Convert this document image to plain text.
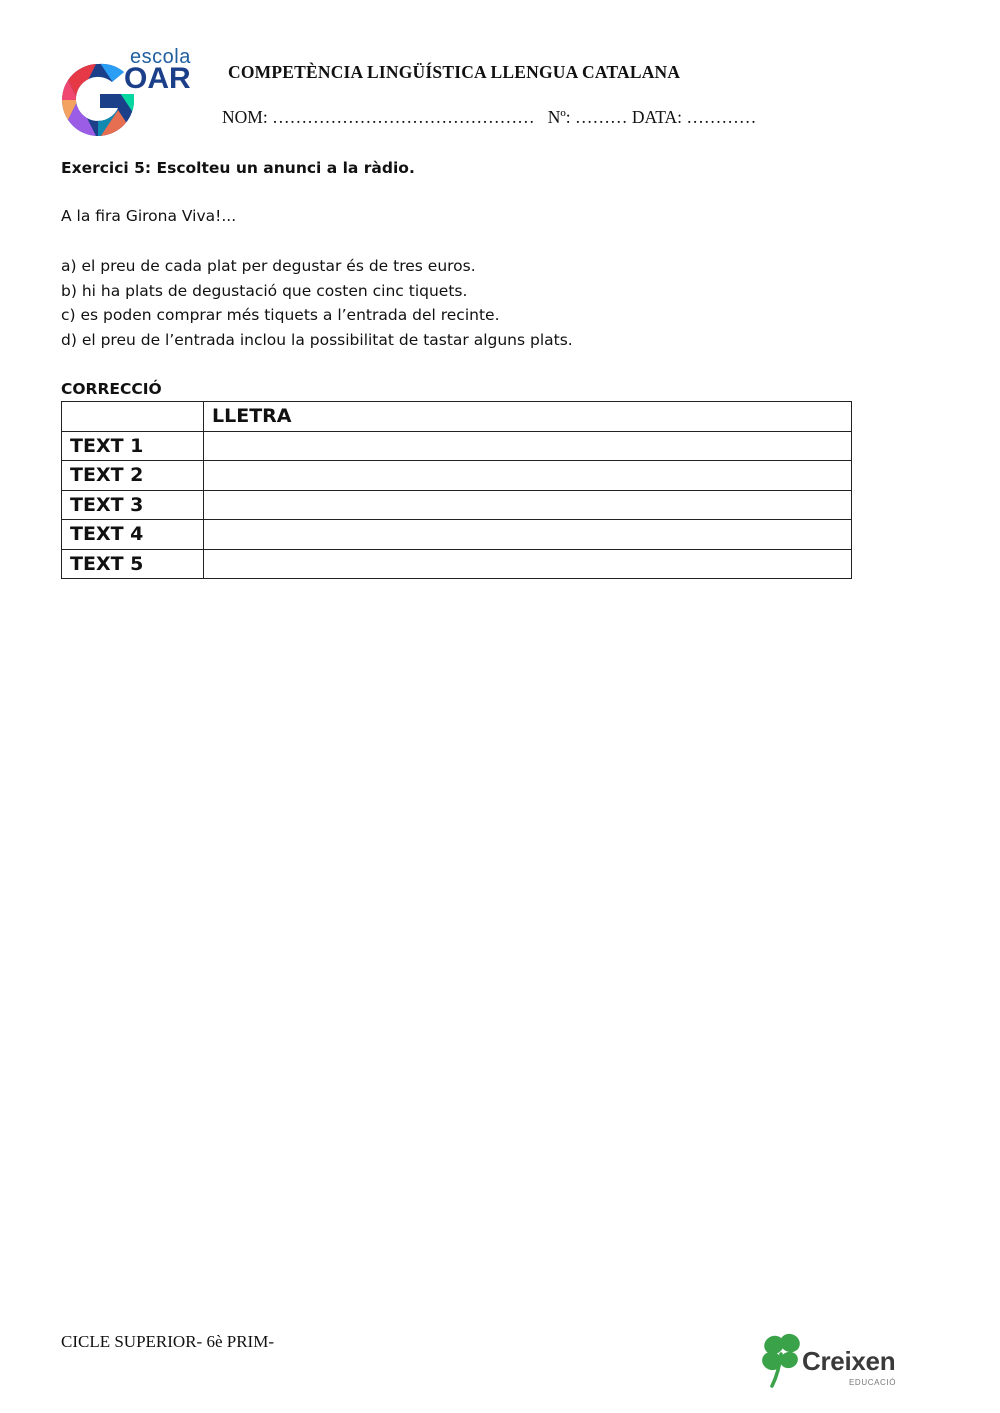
escola
OAR COMPETÈNCIA LINGÜÍSTICA LLENGUA CATALANA
NOM: ……………………………………… Nº: ……… DATA: …………
Exercici 5: Escolteu un anunci a la ràdio.
A la fira Girona Viva!...
a) el preu de cada plat per degustar és de tres euros.
b) hi ha plats de degustació que costen cinc tiquets.
c) es poden comprar més tiquets a l’entrada del recinte.
d) el preu de l’entrada inclou la possibilitat de tastar alguns plats.
CORRECCIÓ
	LLETRA
TEXT 1	
TEXT 2	
TEXT 3	
TEXT 4	
TEXT 5	
CICLE SUPERIOR- 6è PRIM-
Creixen
EDUCACIÓ
